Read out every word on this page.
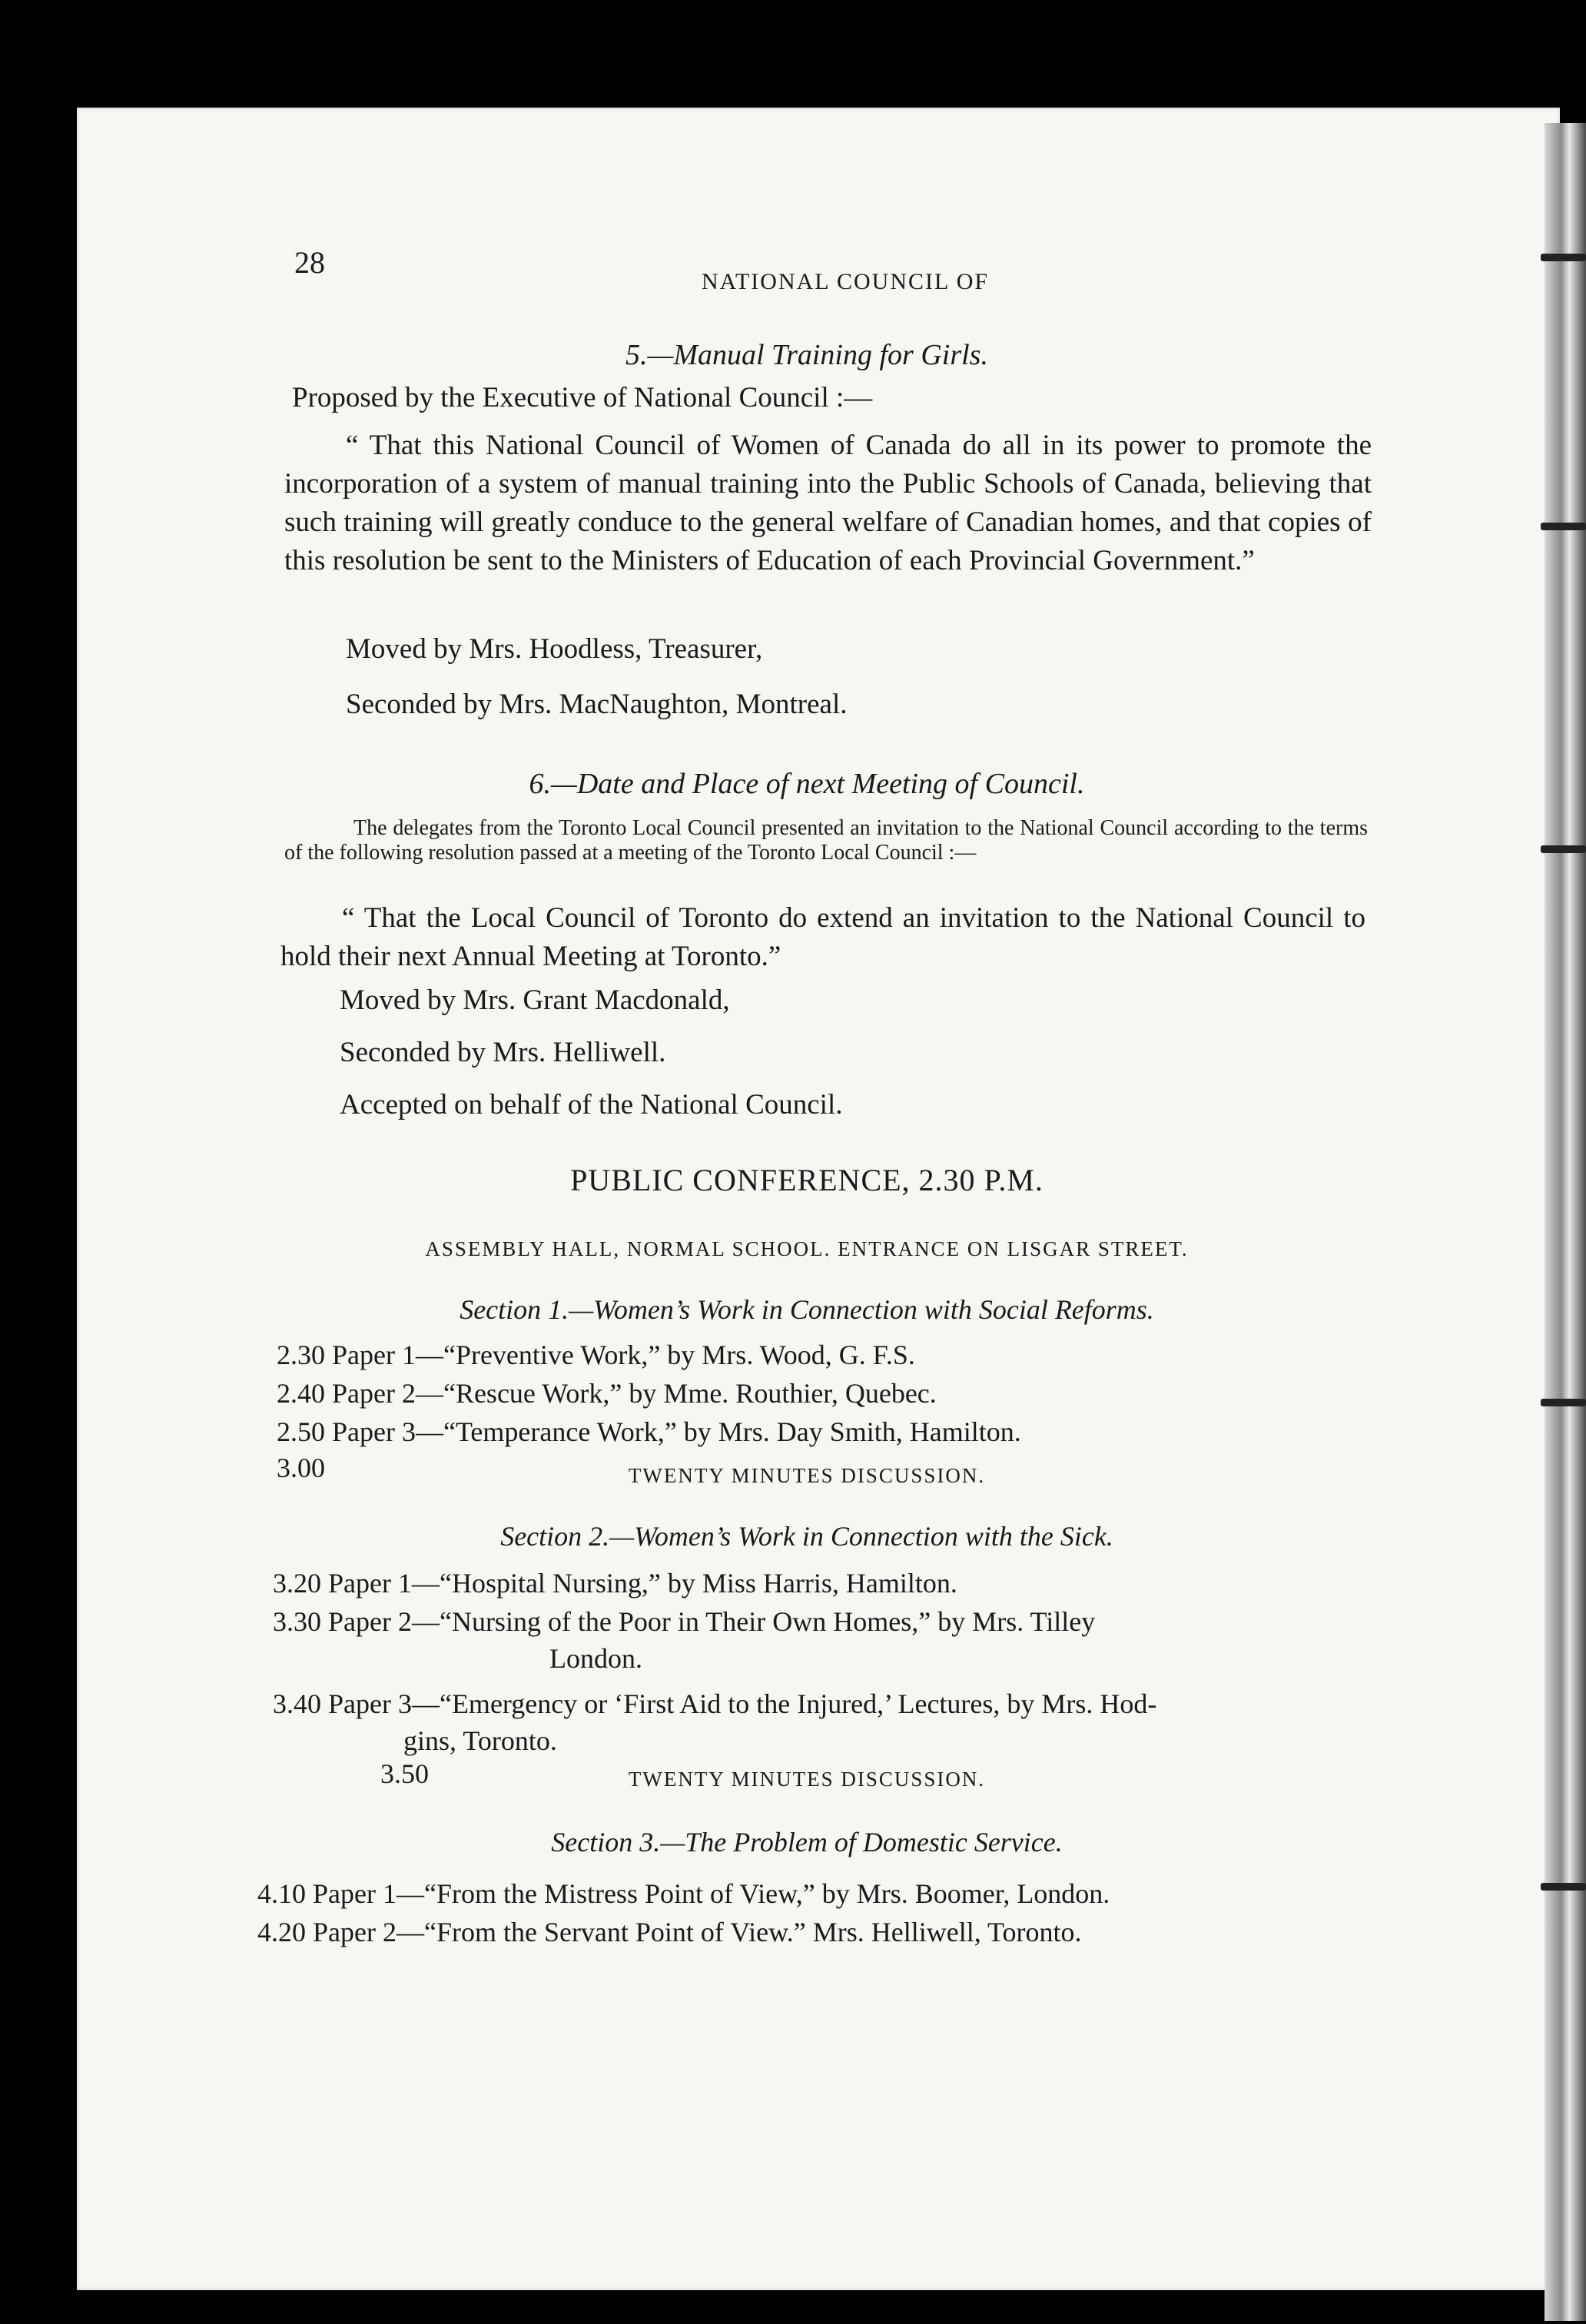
28
NATIONAL COUNCIL OF
5.—Manual Training for Girls.
Proposed by the Executive of National Council :—
“ That this National Council of Women of Canada do all in its power to promote the incorporation of a system of manual training into the Public Schools of Canada, believing that such training will greatly conduce to the general welfare of Canadian homes, and that copies of this resolution be sent to the Ministers of Education of each Provincial Government.”
Moved by Mrs. Hoodless, Treasurer,
Seconded by Mrs. MacNaughton, Montreal.
6.—Date and Place of next Meeting of Council.
The delegates from the Toronto Local Council presented an invitation to the National Council according to the terms of the following resolution passed at a meeting of the Toronto Local Council :—
“ That the Local Council of Toronto do extend an invitation to the National Council to hold their next Annual Meeting at Toronto.”
Moved by Mrs. Grant Macdonald,
Seconded by Mrs. Helliwell.
Accepted on behalf of the National Council.
PUBLIC CONFERENCE, 2.30 P.M.
ASSEMBLY HALL, NORMAL SCHOOL. ENTRANCE ON LISGAR STREET.
Section 1.—Women’s Work in Connection with Social Reforms.
2.30 Paper 1—“Preventive Work,” by Mrs. Wood, G. F.S.
2.40 Paper 2—“Rescue Work,” by Mme. Routhier, Quebec.
2.50 Paper 3—“Temperance Work,” by Mrs. Day Smith, Hamilton.
3.00	TWENTY MINUTES DISCUSSION.
Section 2.—Women’s Work in Connection with the Sick.
3.20 Paper 1—“Hospital Nursing,” by Miss Harris, Hamilton.
3.30 Paper 2—“Nursing of the Poor in Their Own Homes,” by Mrs. Tilley
London.
3.40 Paper 3—“Emergency or ‘First Aid to the Injured,’ Lectures, by Mrs. Hod-
gins, Toronto.
3.50	TWENTY MINUTES DISCUSSION.
Section 3.—The Problem of Domestic Service.
4.10 Paper 1—“From the Mistress Point of View,” by Mrs. Boomer, London.
4.20 Paper 2—“From the Servant Point of View.” Mrs. Helliwell, Toronto.
